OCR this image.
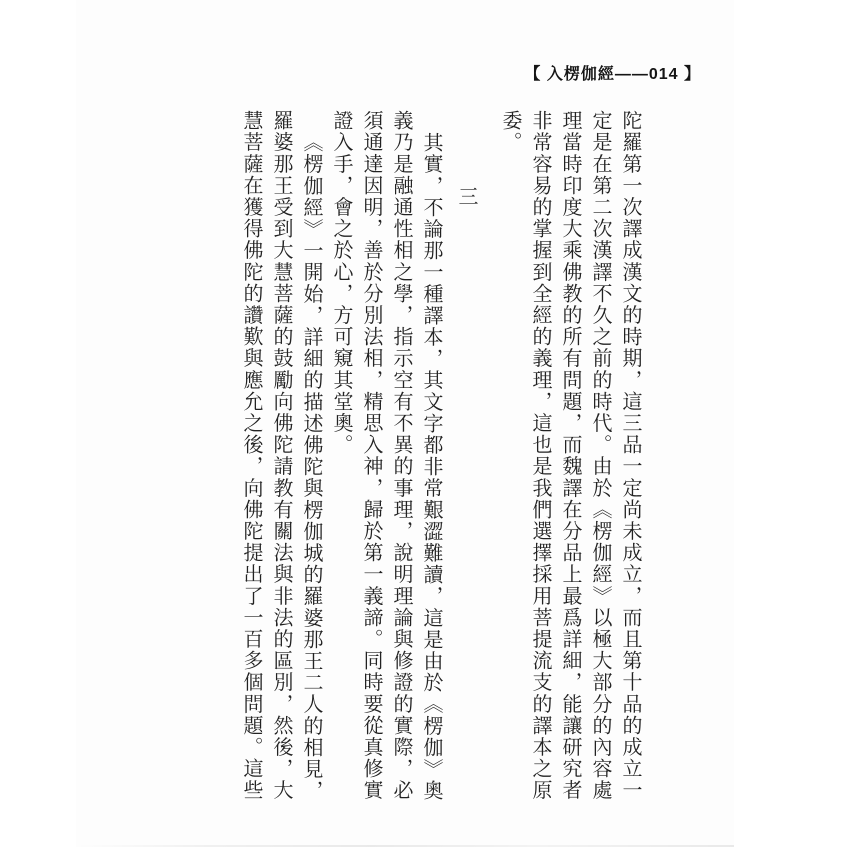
【 入楞伽經——014 】

陀羅第一次譯成漢文的時期，這三品一定尚未成立，而且第十品的成立一定是在第二次漢譯不久之前的時代。由於《楞伽經》以極大部分的內容處理當時印度大乘佛教的所有問題，而魏譯在分品上最爲詳細，能讓研究者非常容易的掌握到全經的義理，這也是我們選擇採用菩提流支的譯本之原委。

三

其實，不論那一種譯本，其文字都非常艱澀難讀，這是由於《楞伽》奧義乃是融通性相之學，指示空有不異的事理，說明理論與修證的實際，必須通達因明，善於分別法相，精思入神，歸於第一義諦。同時要從真修實證入手，會之於心，方可窺其堂奧。

《楞伽經》一開始，詳細的描述佛陀與楞伽城的羅婆那王二人的相見，羅婆那王受到大慧菩薩的鼓勵向佛陀請教有關法與非法的區別，然後，大慧菩薩在獲得佛陀的讚歎與應允之後，向佛陀提出了一百多個問題。這些
